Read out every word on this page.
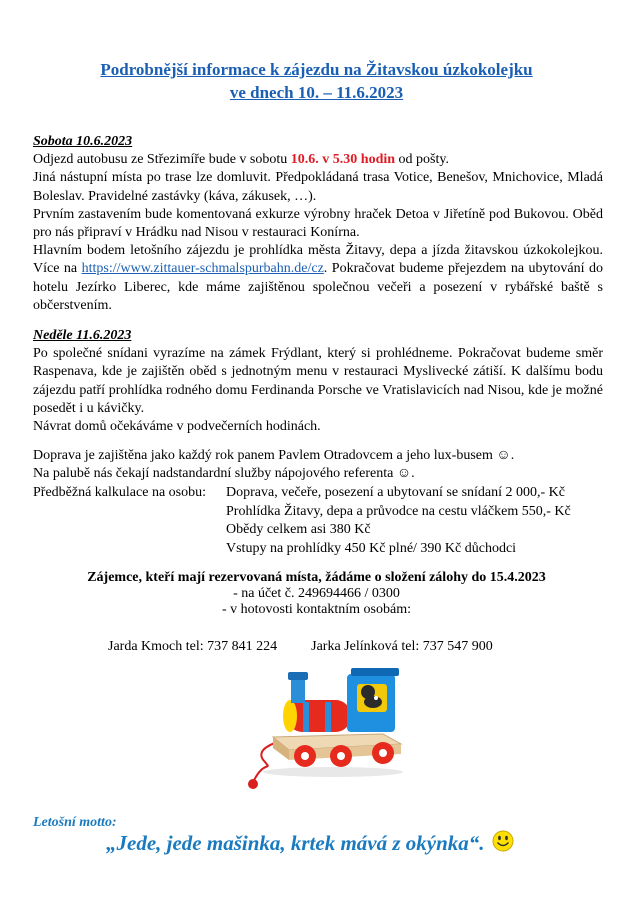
Podrobnější informace k zájezdu na Žitavskou úzkokolejku
ve dnech 10. – 11.6.2023

Sobota 10.6.2023

Odjezd autobusu ze Střezimíře bude v sobotu 10.6. v 5.30 hodin od pošty.

Jiná nástupní místa po trase lze domluvit. Předpokládaná trasa Votice, Benešov, Mnichovice, Mladá Boleslav. Pravidelné zastávky (káva, zákusek, …).

Prvním zastavením bude komentovaná exkurze výrobny hraček Detoa v Jiřetíně pod Bukovou. Oběd pro nás připraví v Hrádku nad Nisou v restauraci Konírna.

Hlavním bodem letošního zájezdu je prohlídka města Žitavy, depa a jízda žitavskou úzkokolejkou. Více na https://www.zittauer-schmalspurbahn.de/cz. Pokračovat budeme přejezdem na ubytování do hotelu Jezírko Liberec, kde máme zajištěnou společnou večeři a posezení v rybářské baště s občerstvením.

Neděle 11.6.2023

Po společné snídani vyrazíme na zámek Frýdlant, který si prohlédneme. Pokračovat budeme směr Raspenava, kde je zajištěn oběd s jednotným menu v restauraci Myslivecké zátiší. K dalšímu bodu zájezdu patří prohlídka rodného domu Ferdinanda Porsche ve Vratislavicích nad Nisou, kde je možné posedět i u kávičky.

Návrat domů očekáváme v podvečerních hodinách.

Doprava je zajištěna jako každý rok panem Pavlem Otradovcem a jeho lux-busem ☺.

Na palubě nás čekají nadstandardní služby nápojového referenta ☺.

Předběžná kalkulace na osobu: Doprava, večeře, posezení a ubytovaní se snídaní 2 000,- Kč
Prohlídka Žitavy, depa a průvodce na cestu vláčkem 550,- Kč
Obědy celkem asi 380 Kč
Vstupy na prohlídky 450 Kč plné/ 390 Kč důchodci
Zájemce, kteří mají rezervovaná místa, žádáme o složení zálohy do 15.4.2023
- na účet č. 249694466 / 0300
- v hotovosti kontaktním osobám:
Jarda Kmoch tel: 737 841 224 Jarka Jelínková tel: 737 547 900
Letošní motto:
„Jede, jede mašinka, krtek mává z okýnka“.
